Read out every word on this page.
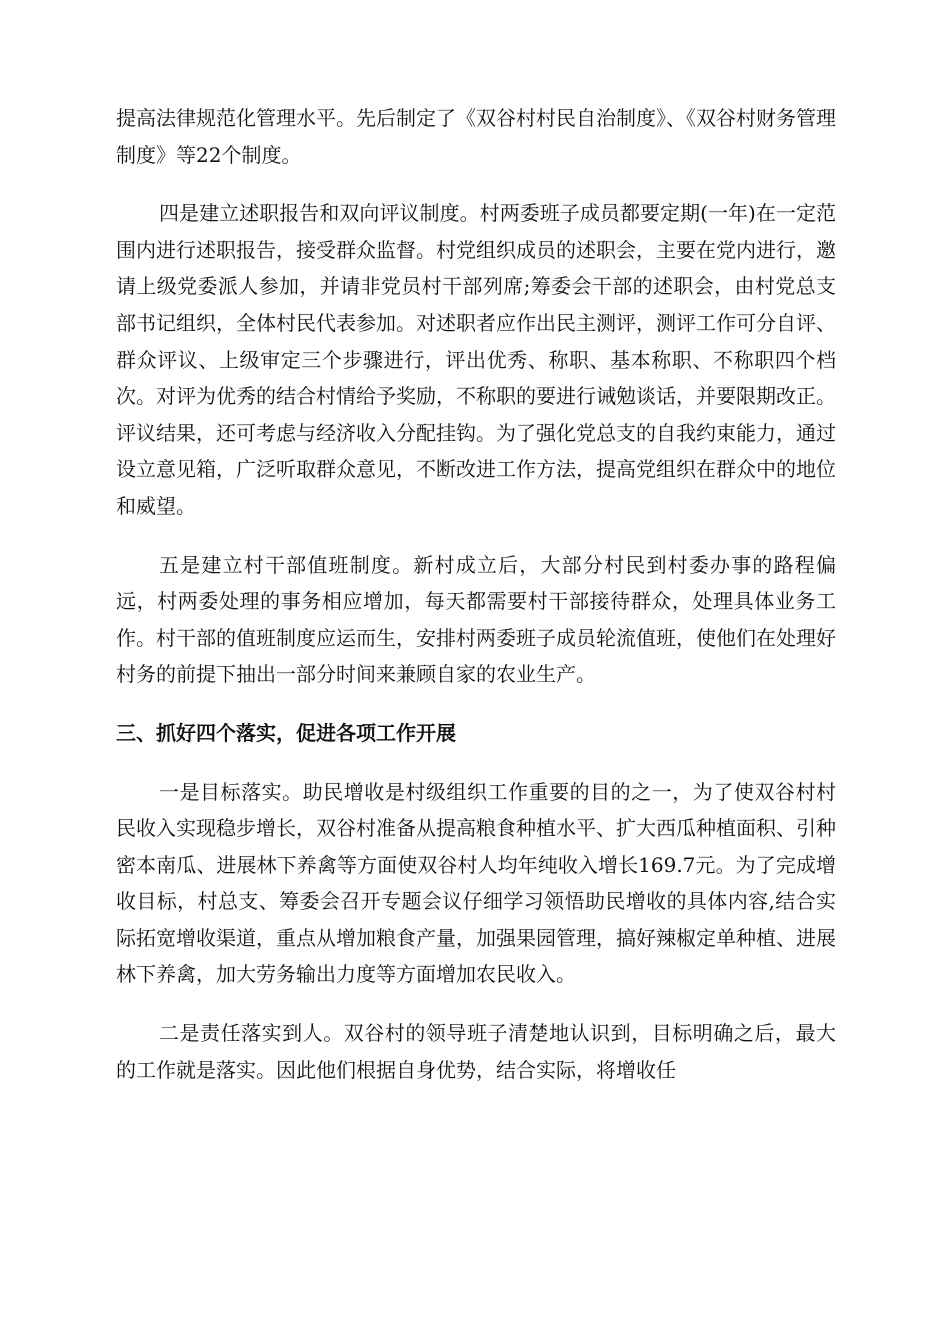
提高法律规范化管理水平。先后制定了《双谷村村民自治制度》、《双谷村财务管理制度》等22个制度。

四是建立述职报告和双向评议制度。村两委班子成员都要定期(一年)在一定范围内进行述职报告，接受群众监督。村党组织成员的述职会，主要在党内进行，邀请上级党委派人参加，并请非党员村干部列席;筹委会干部的述职会，由村党总支部书记组织，全体村民代表参加。对述职者应作出民主测评，测评工作可分自评、群众评议、上级审定三个步骤进行，评出优秀、称职、基本称职、不称职四个档次。对评为优秀的结合村情给予奖励，不称职的要进行诫勉谈话，并要限期改正。评议结果，还可考虑与经济收入分配挂钩。为了强化党总支的自我约束能力，通过设立意见箱，广泛听取群众意见，不断改进工作方法，提高党组织在群众中的地位和威望。

五是建立村干部值班制度。新村成立后，大部分村民到村委办事的路程偏远，村两委处理的事务相应增加，每天都需要村干部接待群众，处理具体业务工作。村干部的值班制度应运而生，安排村两委班子成员轮流值班，使他们在处理好村务的前提下抽出一部分时间来兼顾自家的农业生产。

三、抓好四个落实，促进各项工作开展

一是目标落实。助民增收是村级组织工作重要的目的之一，为了使双谷村村民收入实现稳步增长，双谷村准备从提高粮食种植水平、扩大西瓜种植面积、引种密本南瓜、进展林下养禽等方面使双谷村人均年纯收入增长169.7元。为了完成增收目标，村总支、筹委会召开专题会议仔细学习领悟助民增收的具体内容,结合实际拓宽增收渠道，重点从增加粮食产量，加强果园管理，搞好辣椒定单种植、进展林下养禽，加大劳务输出力度等方面增加农民收入。

二是责任落实到人。双谷村的领导班子清楚地认识到，目标明确之后，最大的工作就是落实。因此他们根据自身优势，结合实际，将增收任
